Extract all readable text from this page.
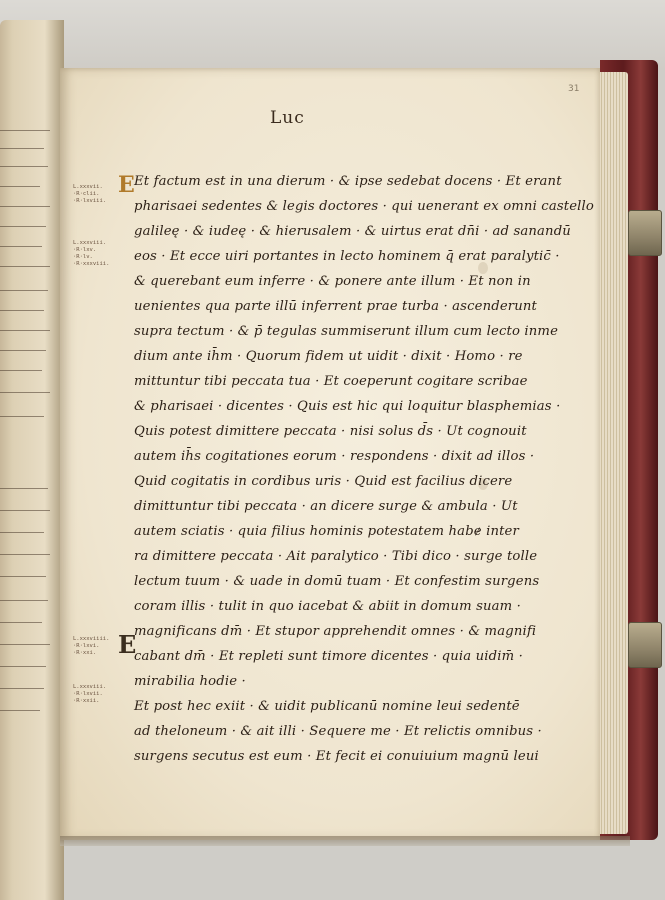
31
Luc
E
E
L.xxxvii.
·R·clii.
·R·lxviii.
L.xxxviii.
·R·lxv.
·R·lv.
·R·xxxviii.
L.xxxviiii.
·R·lxvi.
·R·xxi.
L.xxxviii.
·R·lxvii.
·R·xxii.
Et factum est in una dierum · & ipse sedebat docens · Et erant
pharisaei sedentes & legis doctores · qui uenerant ex omni castello
galileę · & iudeę · & hierusalem · & uirtus erat dn̄i · ad sanandū
eos · Et ecce uiri portantes in lecto hominem q̄ erat paralytic̄ ·
& querebant eum inferre · & ponere ante illum · Et non in
uenientes qua parte illū inferrent prae turba · ascenderunt
supra tectum · & p̄ tegulas summiserunt illum cum lecto inme
dium ante ih̄m · Quorum fidem ut uidit · dixit · Homo · re
mittuntur tibi peccata tua · Et coeperunt cogitare scribae
& pharisaei · dicentes · Quis est hic qui loquitur blasphemias ·
Quis potest dimittere peccata · nisi solus d̄s · Ut cognouit
autem ih̄s cogitationes eorum · respondens · dixit ad illos ·
Quid cogitatis in cordibus uris · Quid est facilius dicere
dimittuntur tibi peccata · an dicere surge & ambula · Ut
autem sciatis · quia filius hominis potestatem habɇ inter
ra dimittere peccata · Ait paralytico · Tibi dico · surge tolle
lectum tuum · & uade in domū tuam · Et confestim surgens
coram illis · tulit in quo iacebat & abiit in domum suam ·
magnificans dm̄ · Et stupor apprehendit omnes · & magnifi
cabant dm̄ · Et repleti sunt timore dicentes · quia uidim̄ ·
mirabilia hodie ·
Et post hec exiit · & uidit publicanū nomine leui sedentē
ad theloneum · & ait illi · Sequere me · Et relictis omnibus ·
surgens secutus est eum · Et fecit ei conuiuium magnū leui
